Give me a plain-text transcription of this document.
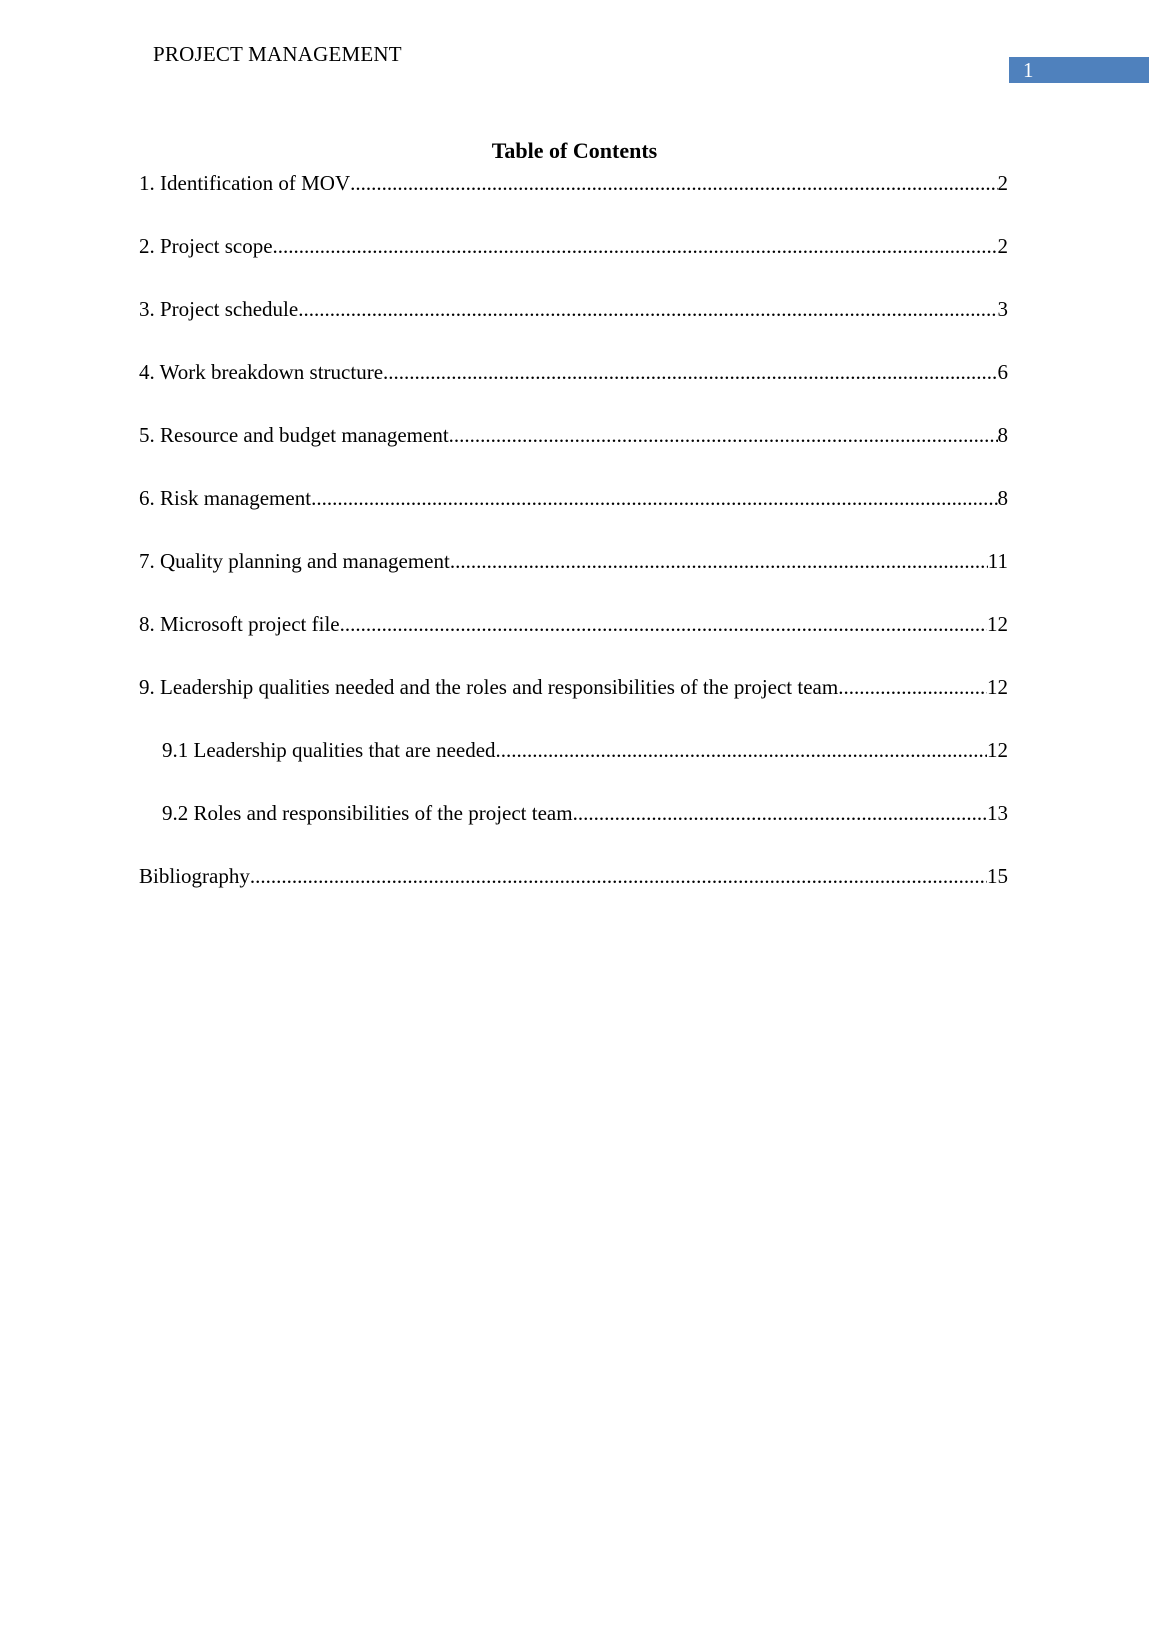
PROJECT MANAGEMENT
1
Table of Contents
1. Identification of MOV .....	2
2. Project scope .....	2
3. Project schedule .....	3
4. Work breakdown structure .....	6
5. Resource and budget management .....	8
6. Risk management .....	8
7. Quality planning and management .....	11
8. Microsoft project file .....	12
9. Leadership qualities needed and the roles and responsibilities of the project team .....	12
9.1 Leadership qualities that are needed .....	12
9.2 Roles and responsibilities of the project team .....	13
Bibliography .....	15
